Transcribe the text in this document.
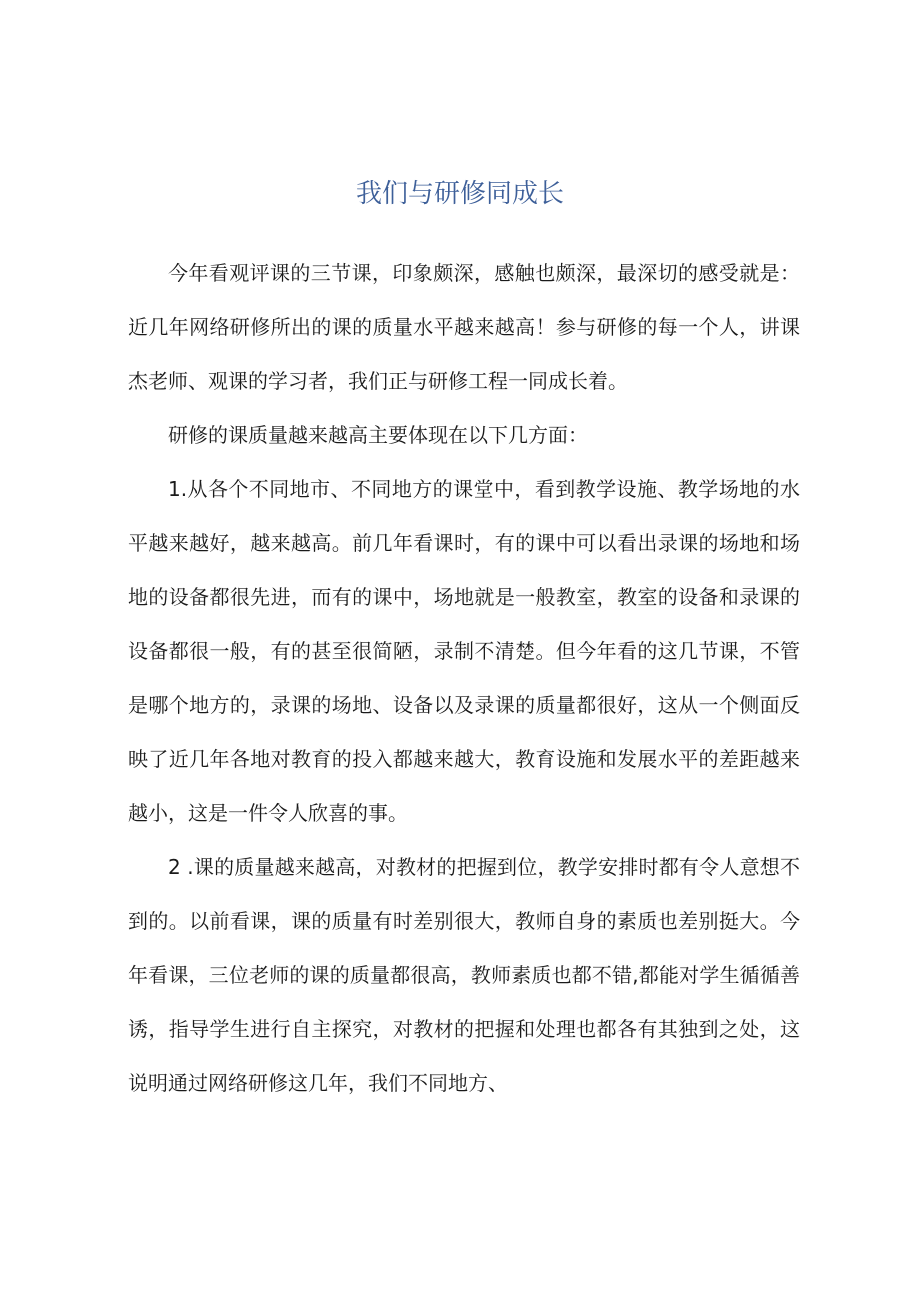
我们与研修同成长

今年看观评课的三节课，印象颇深，感触也颇深，最深切的感受就是：近几年网络研修所出的课的质量水平越来越高！参与研修的每一个人，讲课杰老师、观课的学习者，我们正与研修工程一同成长着。

研修的课质量越来越高主要体现在以下几方面：

1.从各个不同地市、不同地方的课堂中，看到教学设施、教学场地的水平越来越好，越来越高。前几年看课时，有的课中可以看出录课的场地和场地的设备都很先进，而有的课中，场地就是一般教室，教室的设备和录课的设备都很一般，有的甚至很简陋，录制不清楚。但今年看的这几节课，不管是哪个地方的，录课的场地、设备以及录课的质量都很好，这从一个侧面反映了近几年各地对教育的投入都越来越大，教育设施和发展水平的差距越来越小，这是一件令人欣喜的事。

2 .课的质量越来越高，对教材的把握到位，教学安排时都有令人意想不到的。以前看课，课的质量有时差别很大，教师自身的素质也差别挺大。今年看课，三位老师的课的质量都很高，教师素质也都不错,都能对学生循循善诱，指导学生进行自主探究，对教材的把握和处理也都各有其独到之处，这说明通过网络研修这几年，我们不同地方、
